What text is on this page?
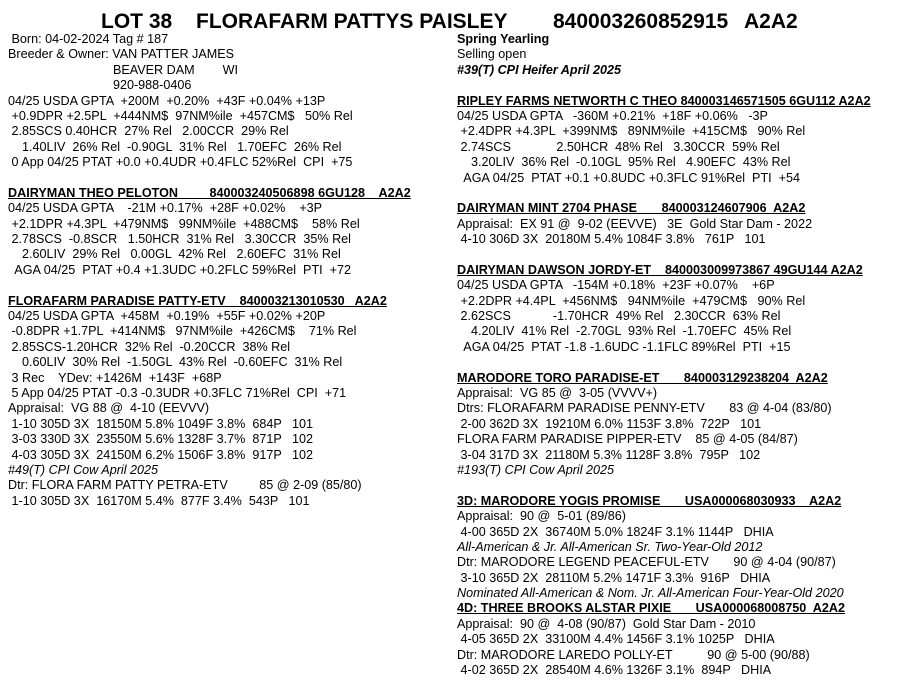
LOT 38 FLORAFARM PATTYS PAISLEY 840003260852915 A2A2
Born: 04-02-2024 Tag # 187
Breeder & Owner: VAN PATTER JAMES
BEAVER DAM        WI
920-988-0406
04/25 USDA GPTA  +200M  +0.20%  +43F +0.04% +13P
+0.9DPR +2.5PL  +444NM$  97NM%ile  +457CM$   50% Rel
2.85SCS 0.40HCR  27% Rel   2.00CCR  29% Rel
1.40LIV  26% Rel  -0.90GL  31% Rel   1.70EFC  26% Rel
0 App 04/25 PTAT +0.0 +0.4UDR +0.4FLC 52%Rel  CPI  +75
DAIRYMAN THEO PELOTON         840003240506898 6GU128    A2A2
04/25 USDA GPTA    -21M +0.17%  +28F +0.02%    +3P
+2.1DPR +4.3PL  +479NM$   99NM%ile  +488CM$    58% Rel
2.78SCS  -0.8SCR   1.50HCR  31% Rel   3.30CCR  35% Rel
2.60LIV  29% Rel   0.00GL  42% Rel   2.60EFC  31% Rel
AGA 04/25  PTAT +0.4 +1.3UDC +0.2FLC 59%Rel  PTI  +72
FLORAFARM PARADISE PATTY-ETV    840003213010530   A2A2
04/25 USDA GPTA  +458M  +0.19%  +55F +0.02% +20P
-0.8DPR +1.7PL  +414NM$   97NM%ile  +426CM$    71% Rel
2.85SCS-1.20HCR  32% Rel  -0.20CCR  38% Rel
0.60LIV  30% Rel  -1.50GL  43% Rel  -0.60EFC  31% Rel
3 Rec    YDev: +1426M  +143F  +68P
5 App 04/25 PTAT -0.3 -0.3UDR +0.3FLC 71%Rel  CPI  +71
Appraisal:  VG 88 @  4-10 (EEVVV)
1-10 305D 3X  18150M 5.8% 1049F 3.8%  684P   101
3-03 330D 3X  23550M 5.6% 1328F 3.7%  871P   102
4-03 305D 3X  24150M 6.2% 1506F 3.8%  917P   102
#49(T) CPI Cow April 2025
Dtr: FLORA FARM PATTY PETRA-ETV         85 @ 2-09 (85/80)
1-10 305D 3X  16170M 5.4%  877F 3.4%  543P   101
Spring Yearling
Selling open
#39(T) CPI Heifer April 2025
RIPLEY FARMS NETWORTH C THEO 840003146571505 6GU112 A2A2
04/25 USDA GPTA   -360M +0.21%  +18F +0.06%   -3P
+2.4DPR +4.3PL  +399NM$   89NM%ile  +415CM$   90% Rel
2.74SCS             2.50HCR  48% Rel   3.30CCR  59% Rel
3.20LIV  36% Rel  -0.10GL  95% Rel   4.90EFC  43% Rel
AGA 04/25  PTAT +0.1 +0.8UDC +0.3FLC 91%Rel  PTI  +54
DAIRYMAN MINT 2704 PHASE       840003124607906  A2A2
Appraisal:  EX 91 @  9-02 (EEVVE)   3E  Gold Star Dam - 2022
4-10 306D 3X  20180M 5.4% 1084F 3.8%   761P   101
DAIRYMAN DAWSON JORDY-ET    840003009973867 49GU144 A2A2
04/25 USDA GPTA   -154M +0.18%  +23F +0.07%    +6P
+2.2DPR +4.4PL  +456NM$   94NM%ile  +479CM$   90% Rel
2.62SCS            -1.70HCR  49% Rel   2.30CCR  63% Rel
4.20LIV  41% Rel  -2.70GL  93% Rel  -1.70EFC  45% Rel
AGA 04/25  PTAT -1.8 -1.6UDC -1.1FLC 89%Rel  PTI  +15
MARODORE TORO PARADISE-ET       840003129238204  A2A2
Appraisal:  VG 85 @  3-05 (VVVV+)
Dtrs: FLORAFARM PARADISE PENNY-ETV       83 @ 4-04 (83/80)
2-00 362D 3X  19210M 6.0% 1153F 3.8%  722P   101
FLORA FARM PARADISE PIPPER-ETV    85 @ 4-05 (84/87)
3-04 317D 3X  21180M 5.3% 1128F 3.8%  795P   102
#193(T) CPI Cow April 2025
3D: MARODORE YOGIS PROMISE       USA000068030933    A2A2
Appraisal:  90 @  5-01 (89/86)
4-00 365D 2X  36740M 5.0% 1824F 3.1% 1144P   DHIA
All-American & Jr. All-American Sr. Two-Year-Old 2012
Dtr: MARODORE LEGEND PEACEFUL-ETV       90 @ 4-04 (90/87)
3-10 365D 2X  28110M 5.2% 1471F 3.3%  916P   DHIA
Nominated All-American & Nom. Jr. All-American Four-Year-Old 2020
4D: THREE BROOKS ALSTAR PIXIE       USA000068008750  A2A2
Appraisal:  90 @  4-08 (90/87)  Gold Star Dam - 2010
4-05 365D 2X  33100M 4.4% 1456F 3.1% 1025P   DHIA
Dtr: MARODORE LAREDO POLLY-ET          90 @ 5-00 (90/88)
4-02 365D 2X  28540M 4.6% 1326F 3.1%  894P   DHIA
